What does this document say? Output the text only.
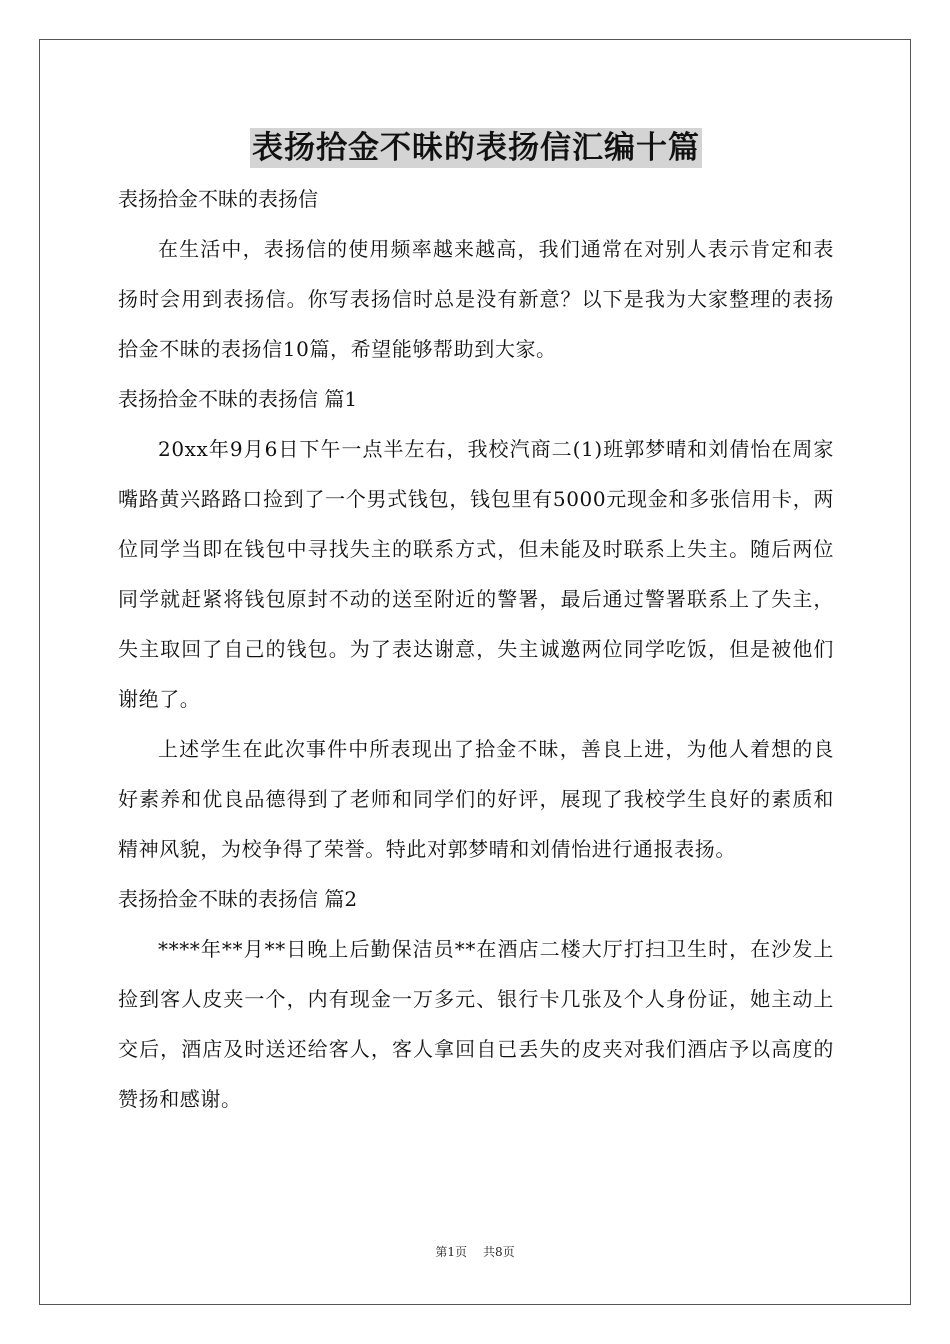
表扬拾金不昧的表扬信汇编十篇

表扬拾金不昧的表扬信

在生活中，表扬信的使用频率越来越高，我们通常在对别人表示肯定和表扬时会用到表扬信。你写表扬信时总是没有新意？以下是我为大家整理的表扬拾金不昧的表扬信10篇，希望能够帮助到大家。

表扬拾金不昧的表扬信 篇1

20xx年9月6日下午一点半左右，我校汽商二(1)班郭梦晴和刘倩怡在周家嘴路黄兴路路口捡到了一个男式钱包，钱包里有5000元现金和多张信用卡，两位同学当即在钱包中寻找失主的联系方式，但未能及时联系上失主。随后两位同学就赶紧将钱包原封不动的送至附近的警署，最后通过警署联系上了失主，失主取回了自己的钱包。为了表达谢意，失主诚邀两位同学吃饭，但是被他们谢绝了。

上述学生在此次事件中所表现出了拾金不昧，善良上进，为他人着想的良好素养和优良品德得到了老师和同学们的好评，展现了我校学生良好的素质和精神风貌，为校争得了荣誉。特此对郭梦晴和刘倩怡进行通报表扬。

表扬拾金不昧的表扬信 篇2

****年**月**日晚上后勤保洁员**在酒店二楼大厅打扫卫生时，在沙发上捡到客人皮夹一个，内有现金一万多元、银行卡几张及个人身份证，她主动上交后，酒店及时送还给客人，客人拿回自已丢失的皮夹对我们酒店予以高度的赞扬和感谢。

第1页 共8页
